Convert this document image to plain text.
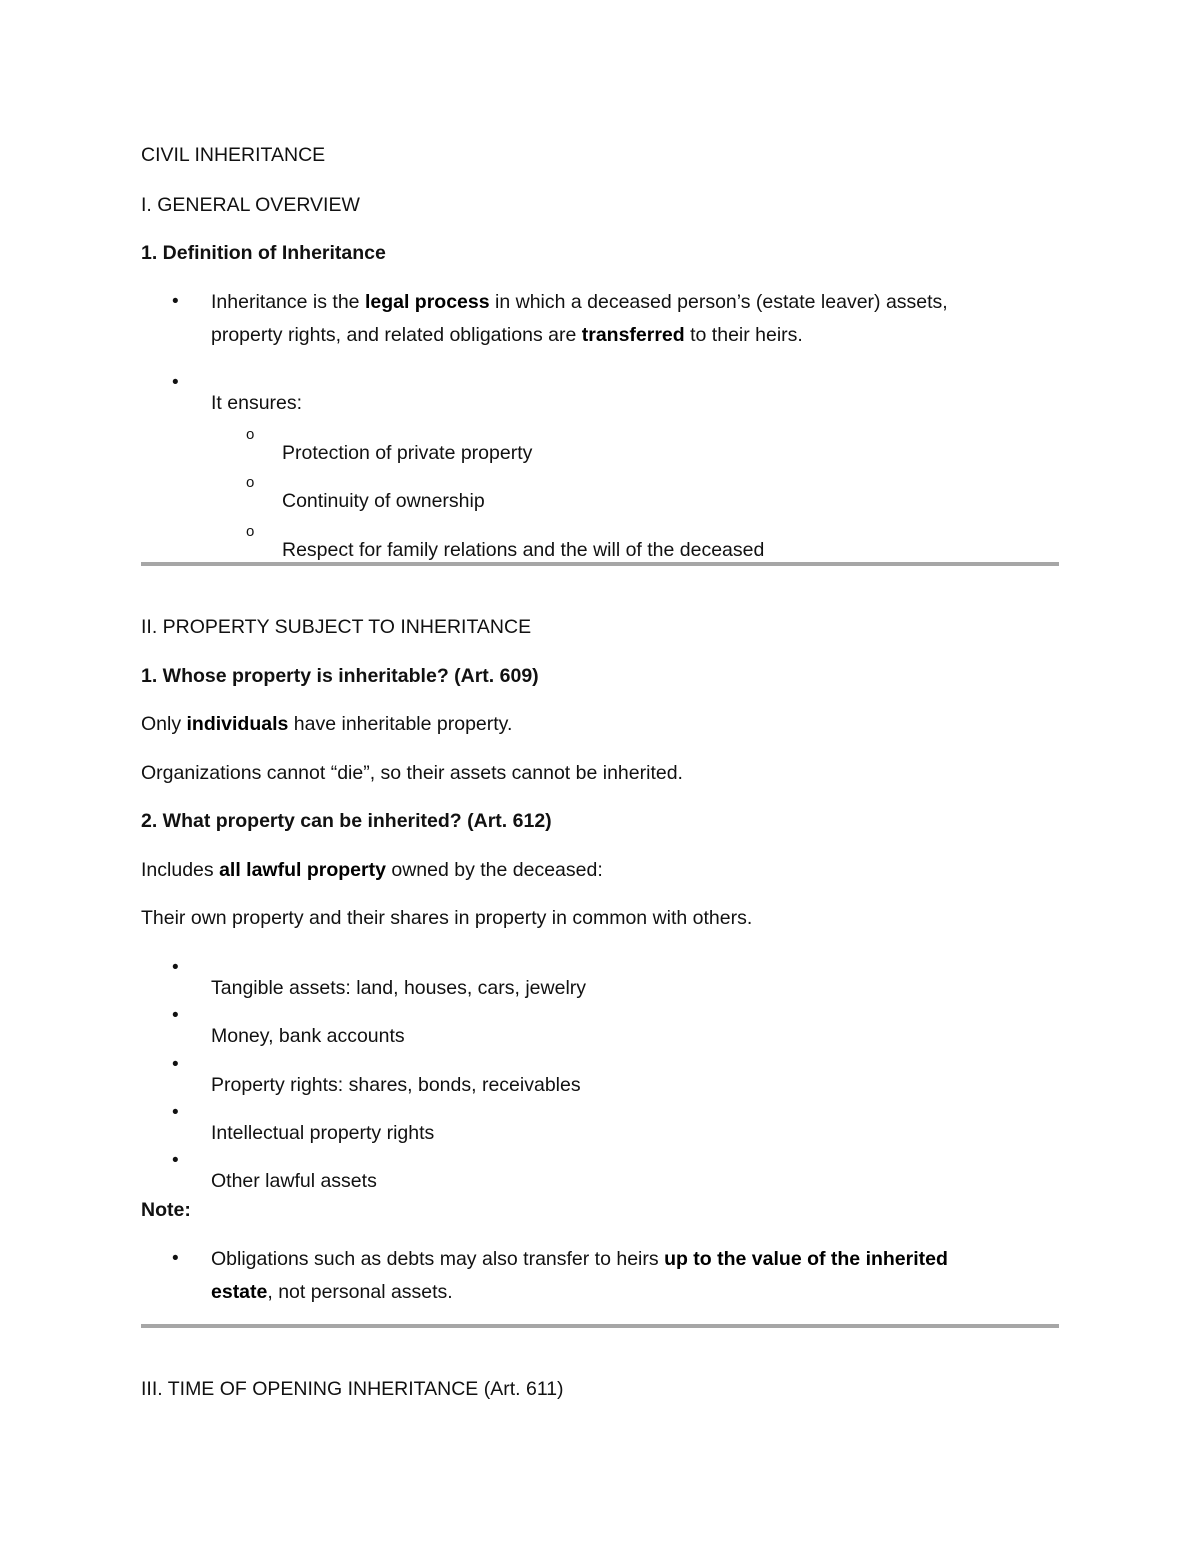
CIVIL INHERITANCE

I. GENERAL OVERVIEW

1. Definition of Inheritance

• Inheritance is the legal process in which a deceased person’s (estate leaver) assets,
property rights, and related obligations are transferred to their heirs.
•

It ensures:

o

Protection of private property

o

Continuity of ownership

o

Respect for family relations and the will of the deceased

II. PROPERTY SUBJECT TO INHERITANCE

1. Whose property is inheritable? (Art. 609)

Only individuals have inheritable property.

Organizations cannot “die”, so their assets cannot be inherited.

2. What property can be inherited? (Art. 612)

Includes all lawful property owned by the deceased:

Their own property and their shares in property in common with others.

•

Tangible assets: land, houses, cars, jewelry

•

Money, bank accounts

•

Property rights: shares, bonds, receivables

•

Intellectual property rights

•

Other lawful assets

Note:

• Obligations such as debts may also transfer to heirs up to the value of the inherited
estate, not personal assets.

III. TIME OF OPENING INHERITANCE (Art. 611)
